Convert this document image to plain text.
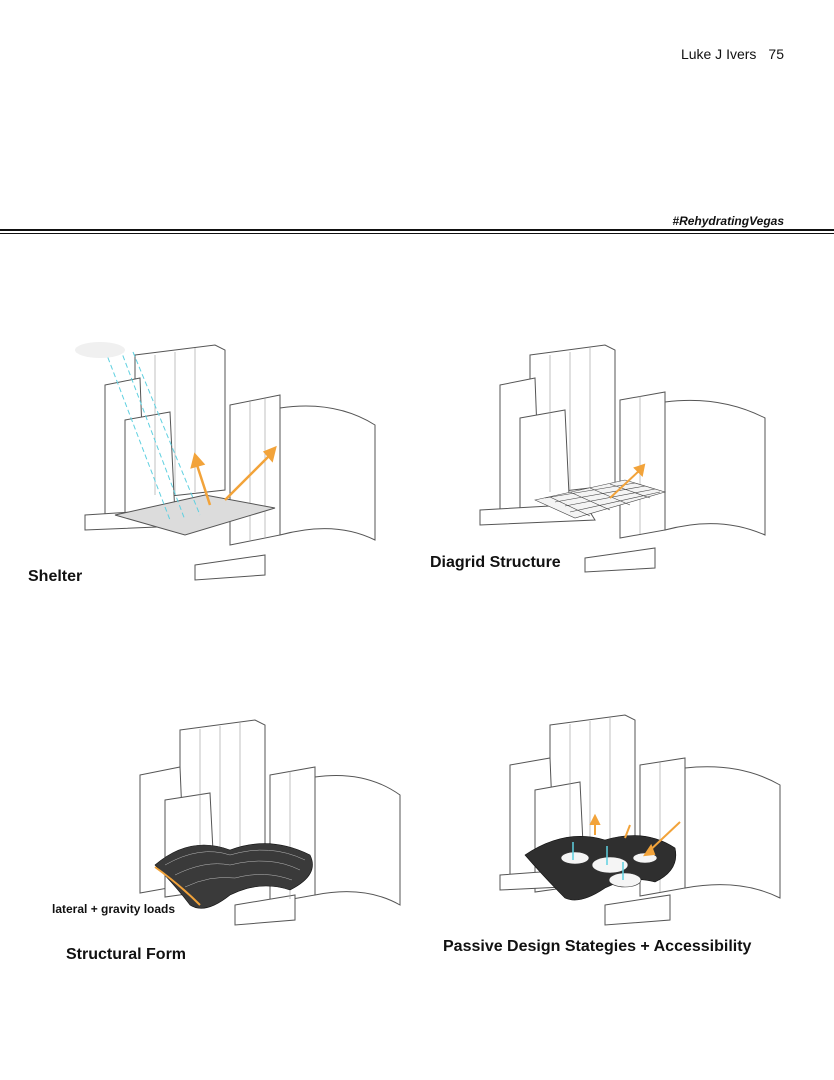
Luke J Ivers 75
#RehydratingVegas
Shelter
Diagrid Structure
lateral + gravity loads
Structural Form	Passive Design Stategies + Accessibility
